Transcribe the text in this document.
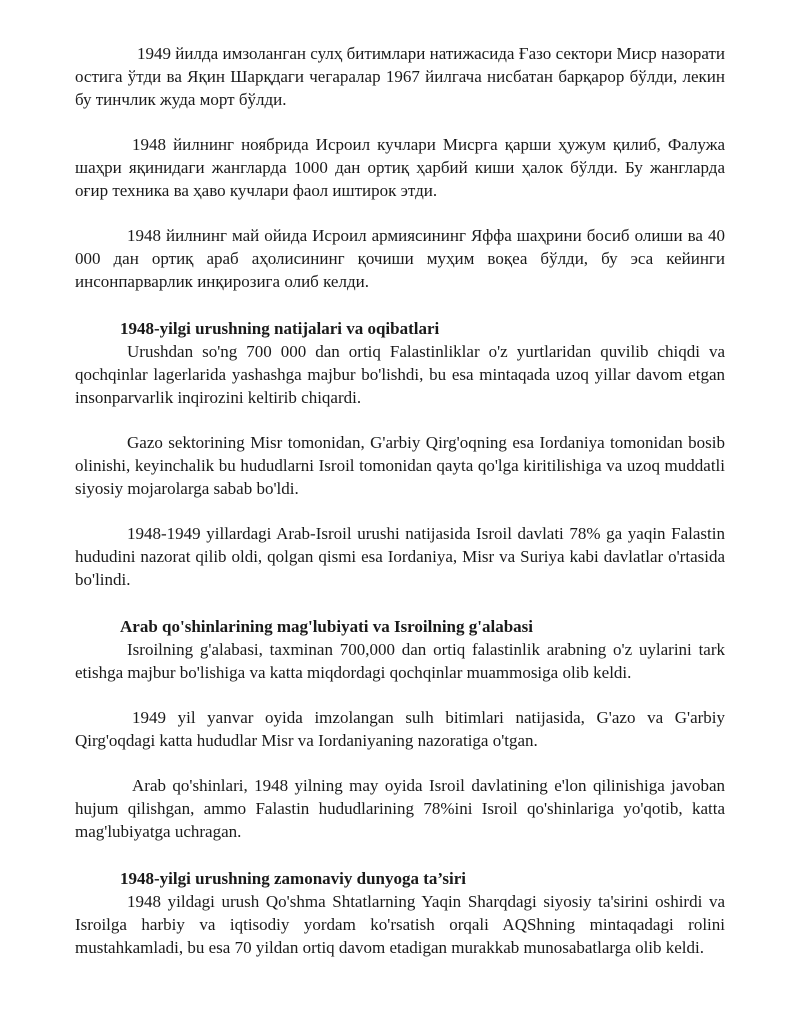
1949 йилда имзоланган сулҳ битимлари натижасида Ғазо сектори Миср назорати остига ўтди ва Яқин Шарқдаги чегаралар 1967 йилгача нисбатан барқарор бўлди, лекин бу тинчлик жуда морт бўлди.

1948 йилнинг ноябрида Исроил кучлари Мисрга қарши ҳужум қилиб, Фалужа шаҳри яқинидаги жангларда 1000 дан ортиқ ҳарбий киши ҳалок бўлди. Бу жангларда оғир техника ва ҳаво кучлари фаол иштирок этди.

1948 йилнинг май ойида Исроил армиясининг Яффа шаҳрини босиб олиши ва 40 000 дан ортиқ араб аҳолисининг қочиши муҳим воқеа бўлди, бу эса кейинги инсонпарварлик инқирозига олиб келди.

1948-yilgi urushning natijalari va oqibatlari

Urushdan so'ng 700 000 dan ortiq Falastinliklar o'z yurtlaridan quvilib chiqdi va qochqinlar lagerlarida yashashga majbur bo'lishdi, bu esa mintaqada uzoq yillar davom etgan insonparvarlik inqirozini keltirib chiqardi.

Gazo sektorining Misr tomonidan, G'arbiy Qirg'oqning esa Iordaniya tomonidan bosib olinishi, keyinchalik bu hududlarni Isroil tomonidan qayta qo'lga kiritilishiga va uzoq muddatli siyosiy mojarolarga sabab bo'ldi.

1948-1949 yillardagi Arab-Isroil urushi natijasida Isroil davlati 78% ga yaqin Falastin hududini nazorat qilib oldi, qolgan qismi esa Iordaniya, Misr va Suriya kabi davlatlar o'rtasida bo'lindi.

Arab qo'shinlarining mag'lubiyati va Isroilning g'alabasi

Isroilning g'alabasi, taxminan 700,000 dan ortiq falastinlik arabning o'z uylarini tark etishga majbur bo'lishiga va katta miqdordagi qochqinlar muammosiga olib keldi.

1949 yil yanvar oyida imzolangan sulh bitimlari natijasida, G'azo va G'arbiy Qirg'oqdagi katta hududlar Misr va Iordaniyaning nazoratiga o'tgan.

Arab qo'shinlari, 1948 yilning may oyida Isroil davlatining e'lon qilinishiga javoban hujum qilishgan, ammo Falastin hududlarining 78%ini Isroil qo'shinlariga yo'qotib, katta mag'lubiyatga uchragan.

1948-yilgi urushning zamonaviy dunyoga ta’siri

1948 yildagi urush Qo'shma Shtatlarning Yaqin Sharqdagi siyosiy ta'sirini oshirdi va Isroilga harbiy va iqtisodiy yordam ko'rsatish orqali AQShning mintaqadagi rolini mustahkamladi, bu esa 70 yildan ortiq davom etadigan murakkab munosabatlarga olib keldi.
